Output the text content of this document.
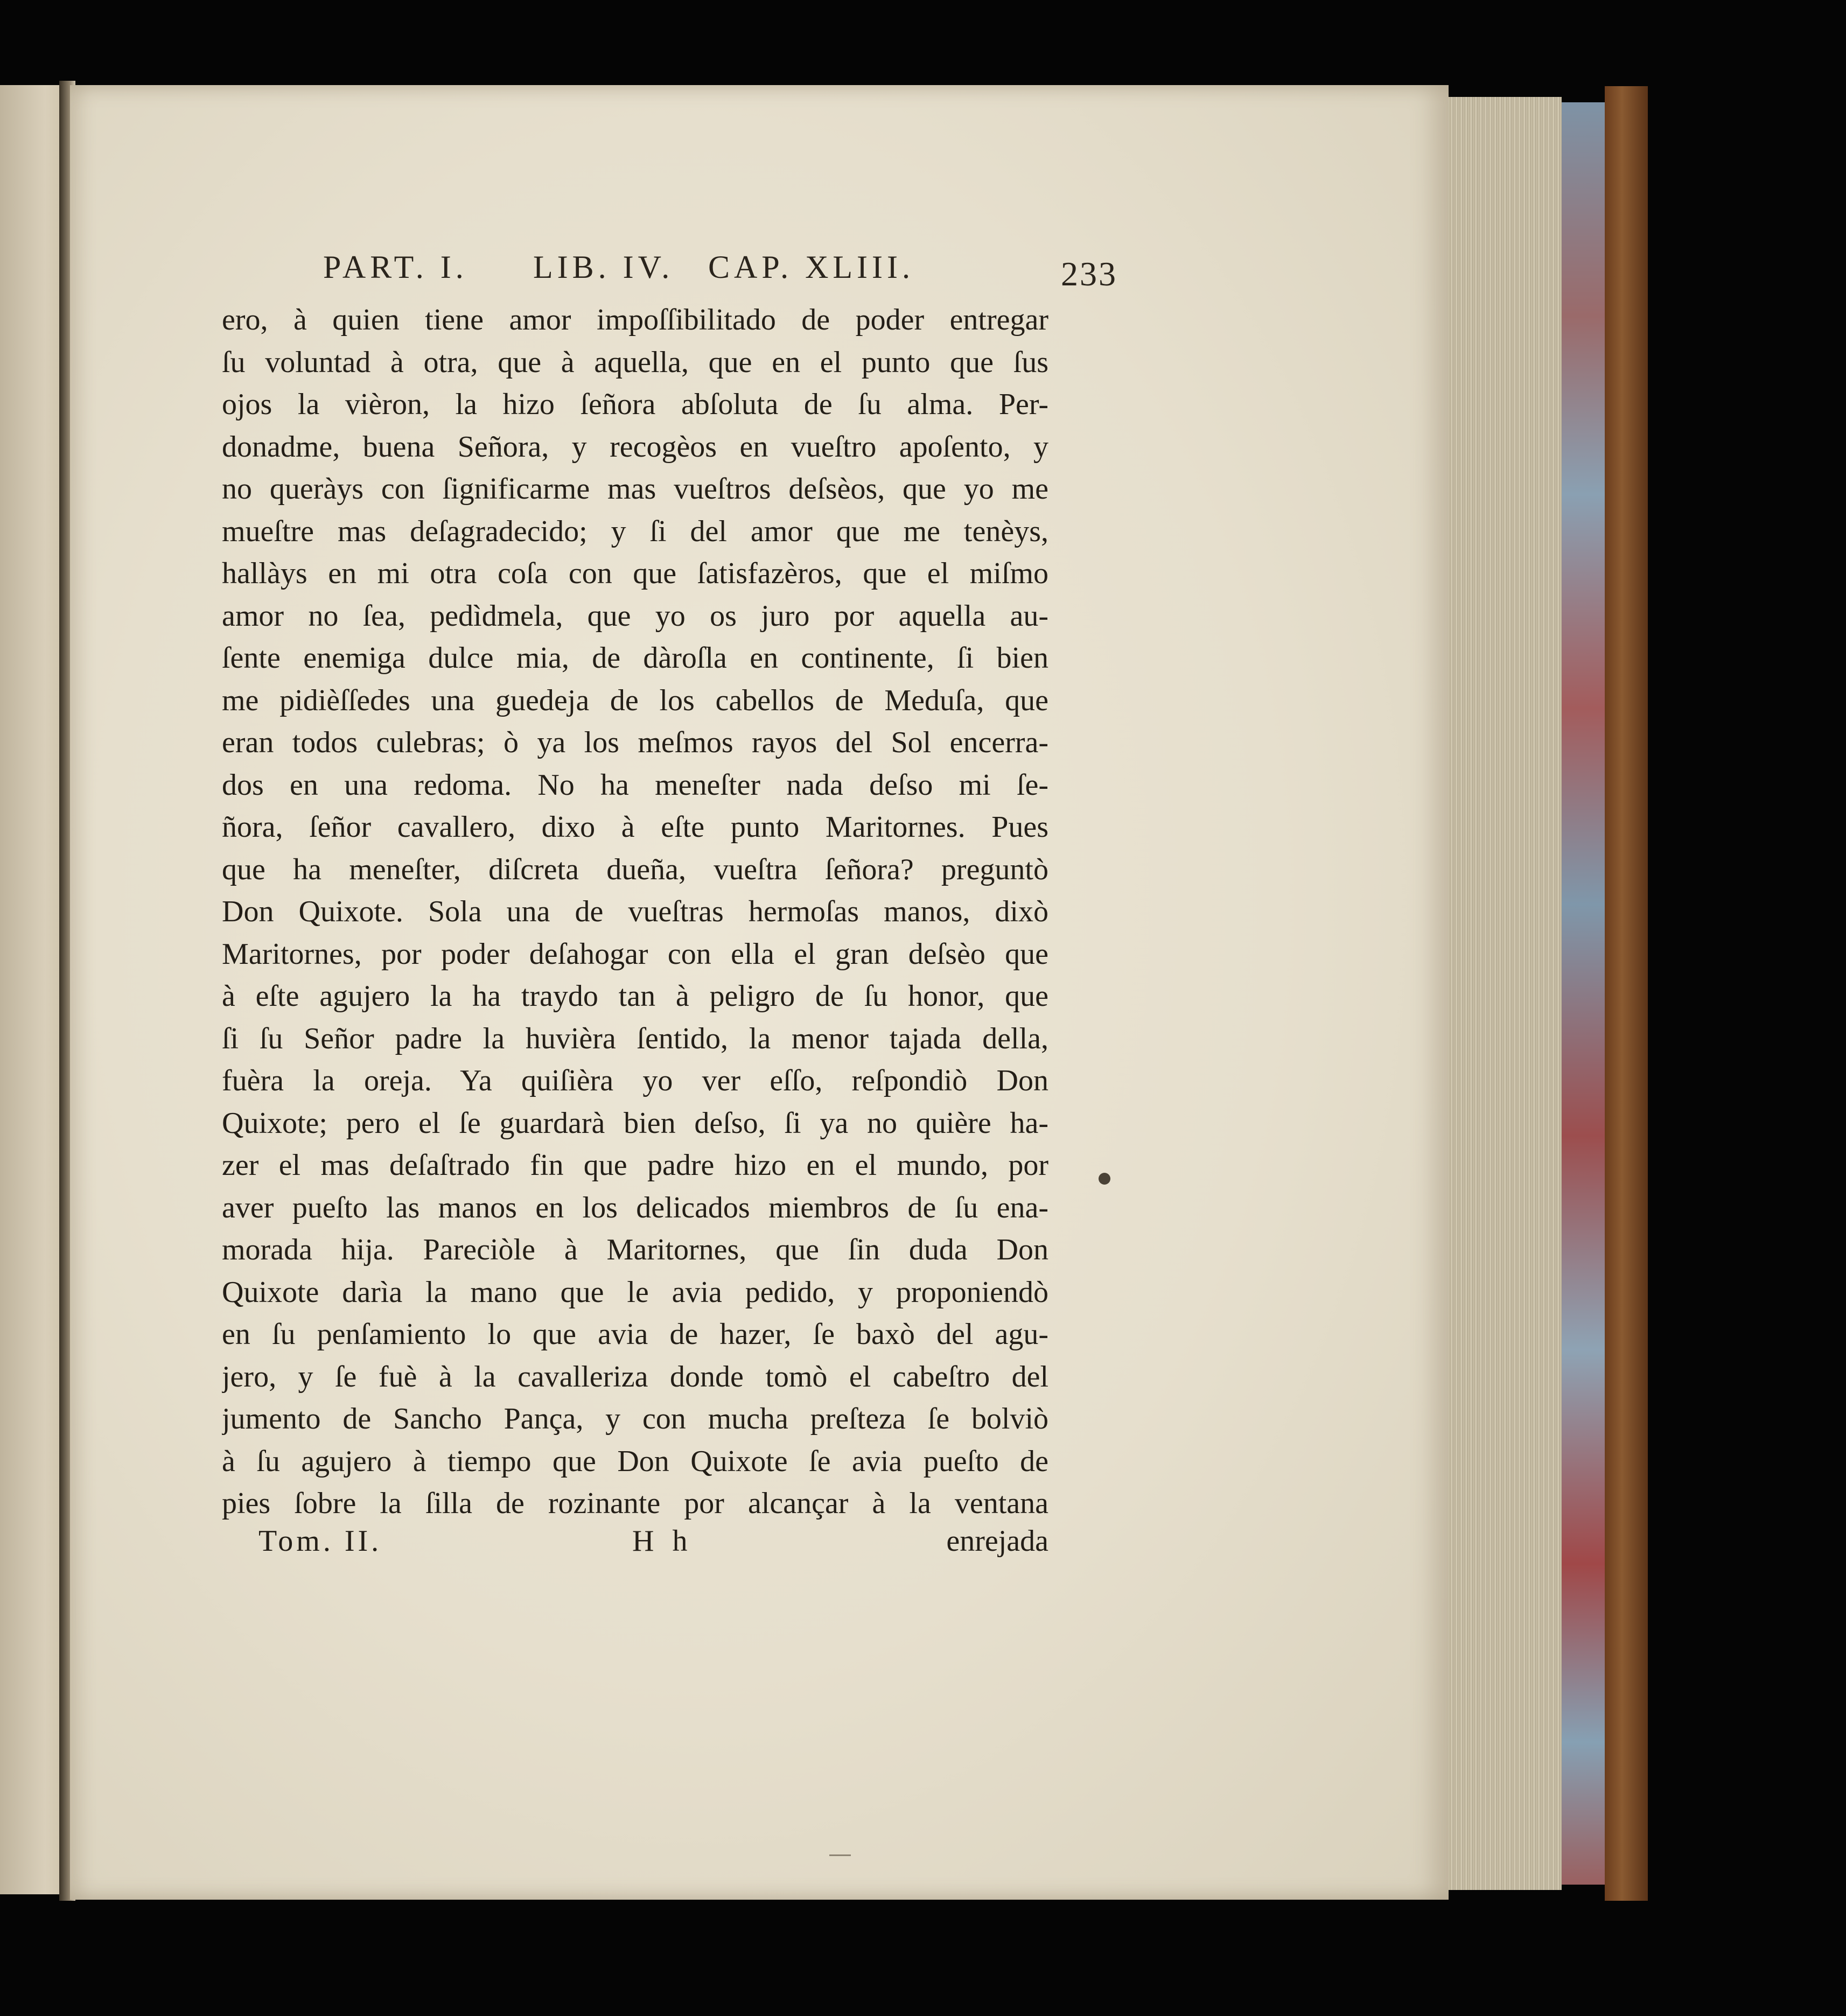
PART. I. LIB. IV. CAP. XLIII.	233
ero, à quien tiene amor impoſſibilitado de poder entregar
ſu voluntad à otra, que à aquella, que en el punto que ſus
ojos la vièron, la hizo ſeñora abſoluta de ſu alma. Per-
donadme, buena Señora, y recogèos en vueſtro apoſento, y
no queràys con ſignificarme mas vueſtros deſsèos, que yo me
mueſtre mas deſagradecido; y ſi del amor que me tenèys,
hallàys en mi otra coſa con que ſatisfazèros, que el miſmo
amor no ſea, pedìdmela, que yo os juro por aquella au-
ſente enemiga dulce mia, de dàroſla en continente, ſi bien
me pidièſſedes una guedeja de los cabellos de Meduſa, que
eran todos culebras; ò ya los meſmos rayos del Sol encerra-
dos en una redoma. No ha meneſter nada deſso mi ſe-
ñora, ſeñor cavallero, dixo à eſte punto Maritornes. Pues
que ha meneſter, diſcreta dueña, vueſtra ſeñora? preguntò
Don Quixote. Sola una de vueſtras hermoſas manos, dixò
Maritornes, por poder deſahogar con ella el gran deſsèo que
à eſte agujero la ha traydo tan à peligro de ſu honor, que
ſi ſu Señor padre la huvièra ſentido, la menor tajada della,
fuèra la oreja. Ya quiſièra yo ver eſſo, reſpondiò Don
Quixote; pero el ſe guardarà bien deſso, ſi ya no quière ha-
zer el mas deſaſtrado fin que padre hizo en el mundo, por
aver pueſto las manos en los delicados miembros de ſu ena-
morada hija. Pareciòle à Maritornes, que ſin duda Don
Quixote darìa la mano que le avia pedido, y proponiendò
en ſu penſamiento lo que avia de hazer, ſe baxò del agu-
jero, y ſe fuè à la cavalleriza donde tomò el cabeſtro del
jumento de Sancho Pança, y con mucha preſteza ſe bolviò
à ſu agujero à tiempo que Don Quixote ſe avia pueſto de
pies ſobre la ſilla de rozinante por alcançar à la ventana
Tom. II.	H h	enrejada
